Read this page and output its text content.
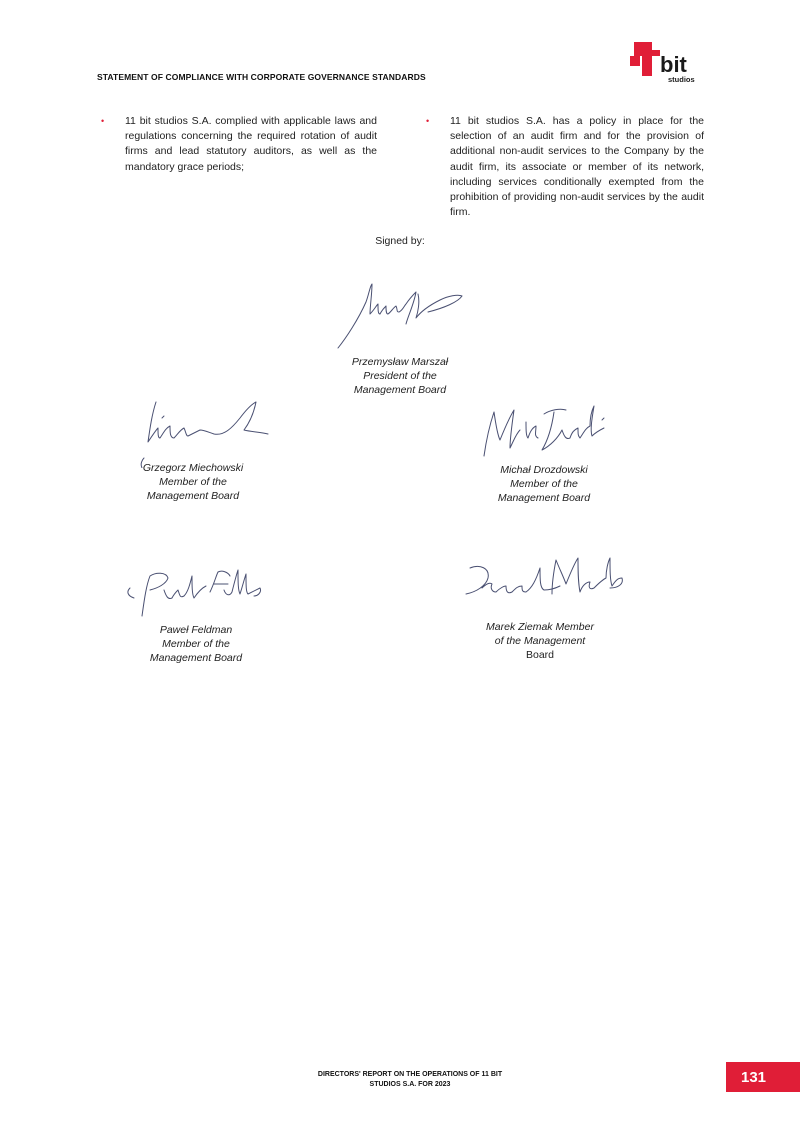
STATEMENT OF COMPLIANCE WITH CORPORATE GOVERNANCE STANDARDS	bit
studios
•	11 bit studios S.A. complied with applicable laws and regulations concerning the required rotation of audit firms and lead statutory auditors, as well as the mandatory grace periods;
•	11 bit studios S.A. has a policy in place for the selection of an audit firm and for the provision of additional non-audit services to the Company by the audit firm, its associate or member of its network, including services conditionally exempted from the prohibition of providing non-audit services by the audit firm.
Signed by:
Przemysław Marszał
President of the
Management Board
Grzegorz Miechowski
Member of the
Management Board
Michał Drozdowski
Member of the
Management Board
Paweł Feldman
Member of the
Management Board
Marek Ziemak Member
of the Management
Board
DIRECTORS' REPORT ON THE OPERATIONS OF 11 BIT
STUDIOS S.A. FOR 2023	131
